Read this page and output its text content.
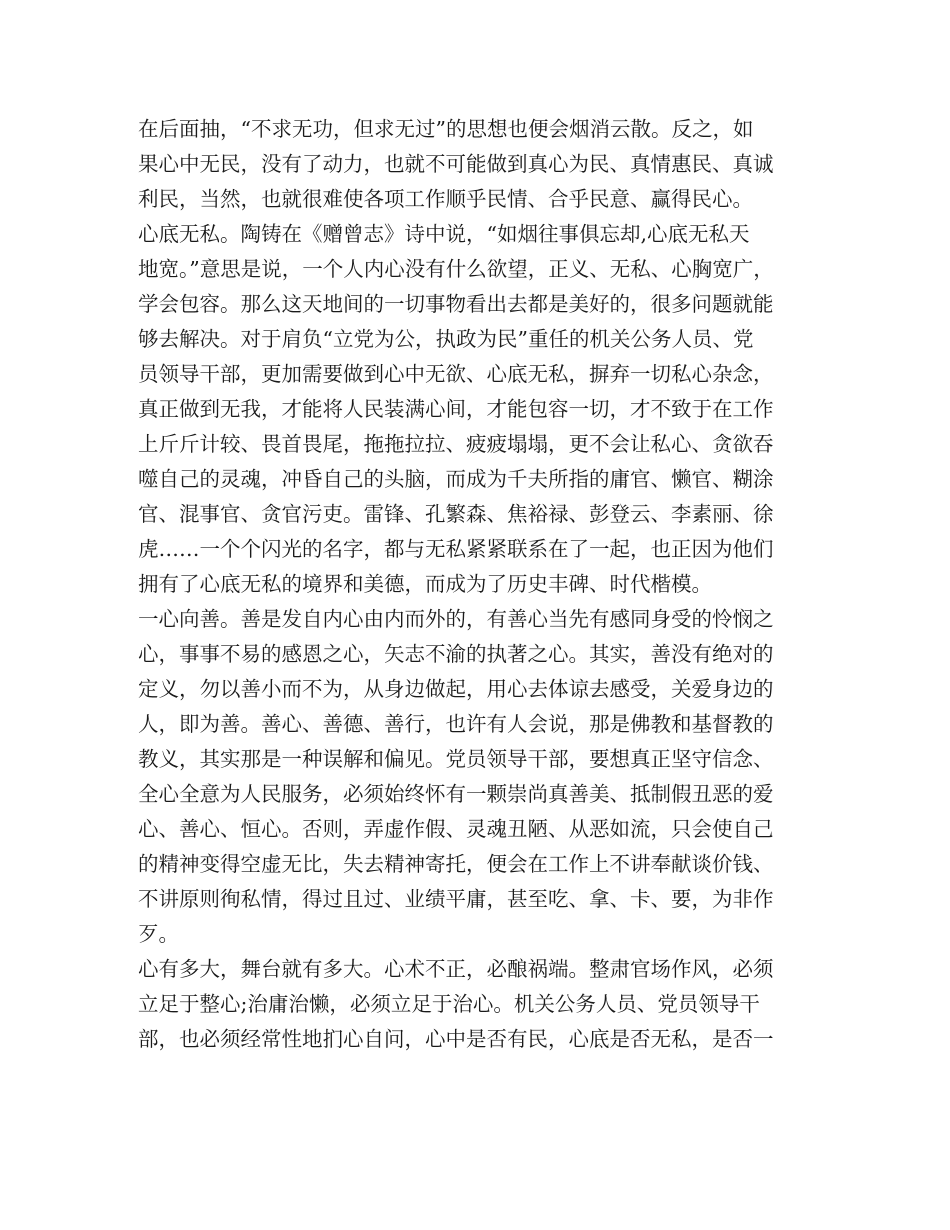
在后面抽，“不求无功，但求无过”的思想也便会烟消云散。反之，如
果心中无民，没有了动力，也就不可能做到真心为民、真情惠民、真诚
利民，当然，也就很难使各项工作顺乎民情、合乎民意、赢得民心。
心底无私。陶铸在《赠曾志》诗中说，“如烟往事俱忘却,心底无私天
地宽。”意思是说，一个人内心没有什么欲望，正义、无私、心胸宽广，
学会包容。那么这天地间的一切事物看出去都是美好的，很多问题就能
够去解决。对于肩负“立党为公，执政为民”重任的机关公务人员、党
员领导干部，更加需要做到心中无欲、心底无私，摒弃一切私心杂念，
真正做到无我，才能将人民装满心间，才能包容一切，才不致于在工作
上斤斤计较、畏首畏尾，拖拖拉拉、疲疲塌塌，更不会让私心、贪欲吞
噬自己的灵魂，冲昏自己的头脑，而成为千夫所指的庸官、懒官、糊涂
官、混事官、贪官污吏。雷锋、孔繁森、焦裕禄、彭登云、李素丽、徐
虎……一个个闪光的名字，都与无私紧紧联系在了一起，也正因为他们
拥有了心底无私的境界和美德，而成为了历史丰碑、时代楷模。
一心向善。善是发自内心由内而外的，有善心当先有感同身受的怜悯之
心，事事不易的感恩之心，矢志不渝的执著之心。其实，善没有绝对的
定义，勿以善小而不为，从身边做起，用心去体谅去感受，关爱身边的
人，即为善。善心、善德、善行，也许有人会说，那是佛教和基督教的
教义，其实那是一种误解和偏见。党员领导干部，要想真正坚守信念、
全心全意为人民服务，必须始终怀有一颗崇尚真善美、抵制假丑恶的爱
心、善心、恒心。否则，弄虚作假、灵魂丑陋、从恶如流，只会使自己
的精神变得空虚无比，失去精神寄托，便会在工作上不讲奉献谈价钱、
不讲原则徇私情，得过且过、业绩平庸，甚至吃、拿、卡、要，为非作
歹。
心有多大，舞台就有多大。心术不正，必酿祸端。整肃官场作风，必须
立足于整心;治庸治懒，必须立足于治心。机关公务人员、党员领导干
部，也必须经常性地扪心自问，心中是否有民，心底是否无私，是否一
